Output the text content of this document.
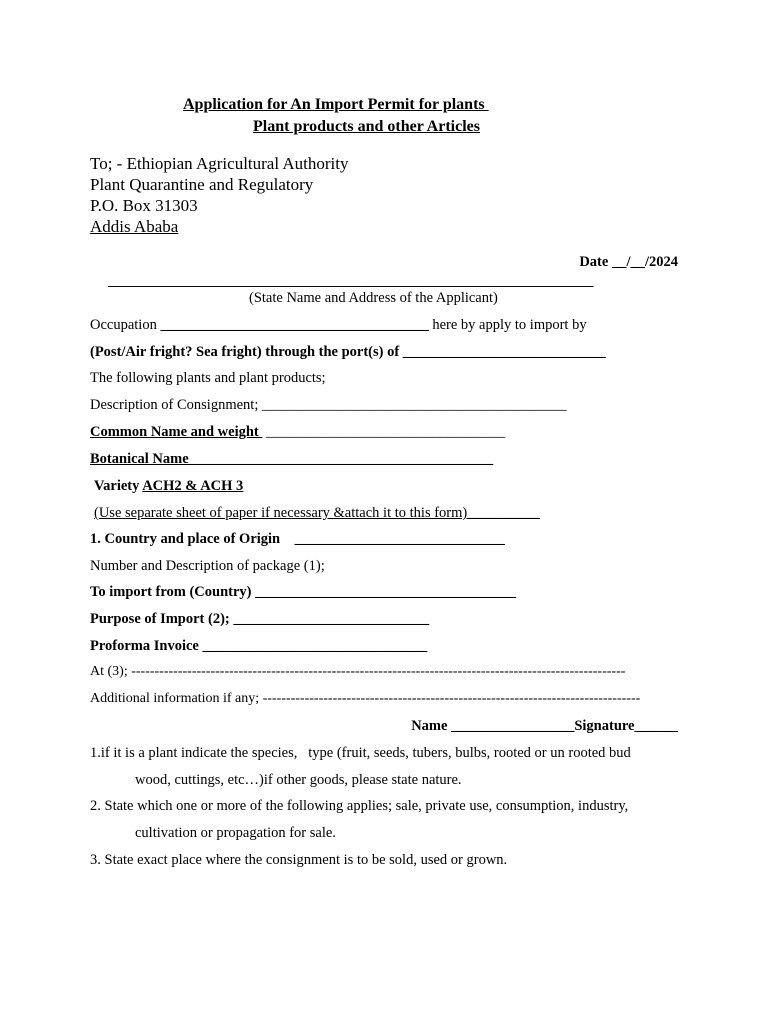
Application for An Import Permit for plants
Plant products and other Articles
To; - Ethiopian Agricultural Authority
Plant Quarantine and Regulatory
P.O. Box 31303
Addis Ababa
Date __/__/2024
_________________________________________________________________________
(State Name and Address of the Applicant)
Occupation _____________________________________ here by apply to import by
(Post/Air fright? Sea fright) through the port(s) of ____________________________
The following plants and plant products;
Description of Consignment; __________________________________________
Common Name and weight  _________________________________
Botanical Name__________________________________________
Variety ACH2 & ACH 3
(Use separate sheet of paper if necessary &attach it to this form)__________
1. Country and place of Origin _____________________________
Number and Description of package (1);
To import from (Country) ____________________________________
Purpose of Import (2); ___________________________
Proforma Invoice _______________________________
At (3); ----------------------------------------------------------------------------------------------------------
Additional information if any; ---------------------------------------------------------------------------------
Name _________________Signature______
1.if it is a plant indicate the species,   type (fruit, seeds, tubers, bulbs, rooted or un rooted bud
wood, cuttings, etc…)if other goods, please state nature.
2. State which one or more of the following applies; sale, private use, consumption, industry,
cultivation or propagation for sale.
3. State exact place where the consignment is to be sold, used or grown.
